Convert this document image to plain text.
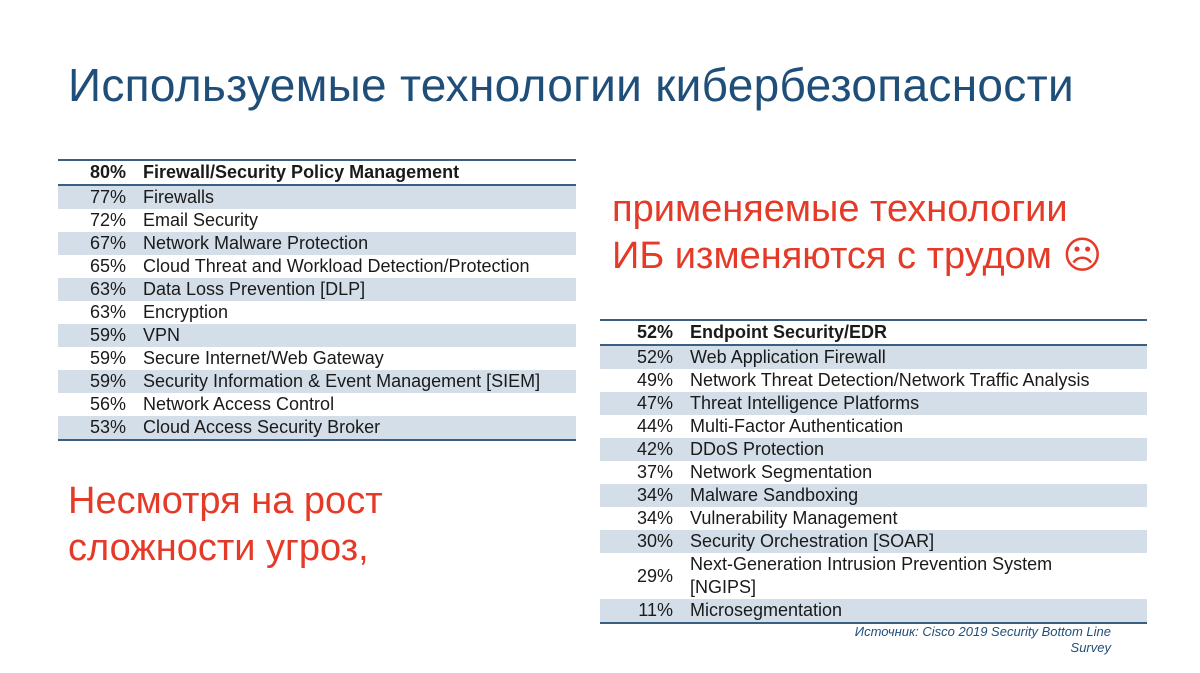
Используемые технологии кибербезопасности
80%	Firewall/Security Policy Management
77%	Firewalls
72%	Email Security
67%	Network Malware Protection
65%	Cloud Threat and Workload Detection/Protection
63%	Data Loss Prevention [DLP]
63%	Encryption
59%	VPN
59%	Secure Internet/Web Gateway
59%	Security Information & Event Management [SIEM]
56%	Network Access Control
53%	Cloud Access Security Broker
применяемые технологии
ИБ изменяются с трудом ☹
52%	Endpoint Security/EDR
52%	Web Application Firewall
49%	Network Threat Detection/Network Traffic Analysis
47%	Threat Intelligence Platforms
44%	Multi-Factor Authentication
42%	DDoS Protection
37%	Network Segmentation
34%	Malware Sandboxing
34%	Vulnerability Management
30%	Security Orchestration [SOAR]
29%	Next-Generation Intrusion Prevention System [NGIPS]

11%	Microsegmentation
Несмотря на рост
сложности угроз,
Источник: Cisco 2019 Security Bottom Line
Survey
